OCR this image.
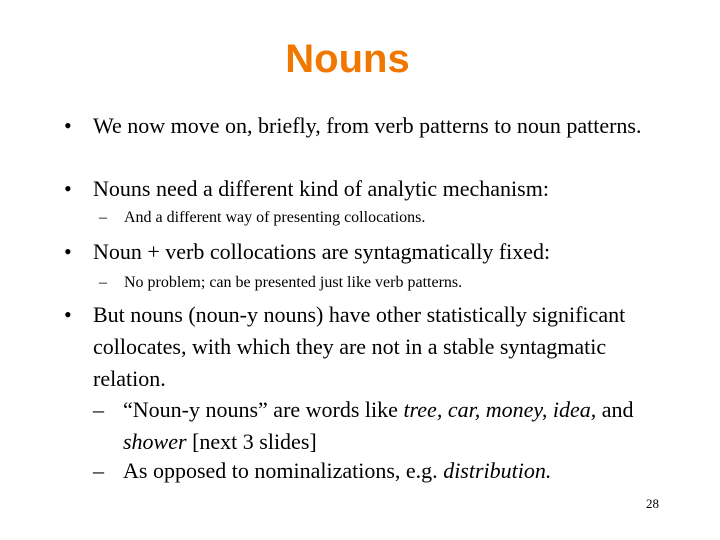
Nouns
• We now move on, briefly, from verb patterns to noun patterns.
• Nouns need a different kind of analytic mechanism:
– And a different way of presenting collocations.
• Noun + verb collocations are syntagmatically fixed:
– No problem; can be presented just like verb patterns.
• But nouns (noun-y nouns) have other statistically significant collocates, with which they are not in a stable syntagmatic relation.
– “Noun-y nouns” are words like tree, car, money, idea, and shower [next 3 slides]
– As opposed to nominalizations, e.g. distribution.
28
